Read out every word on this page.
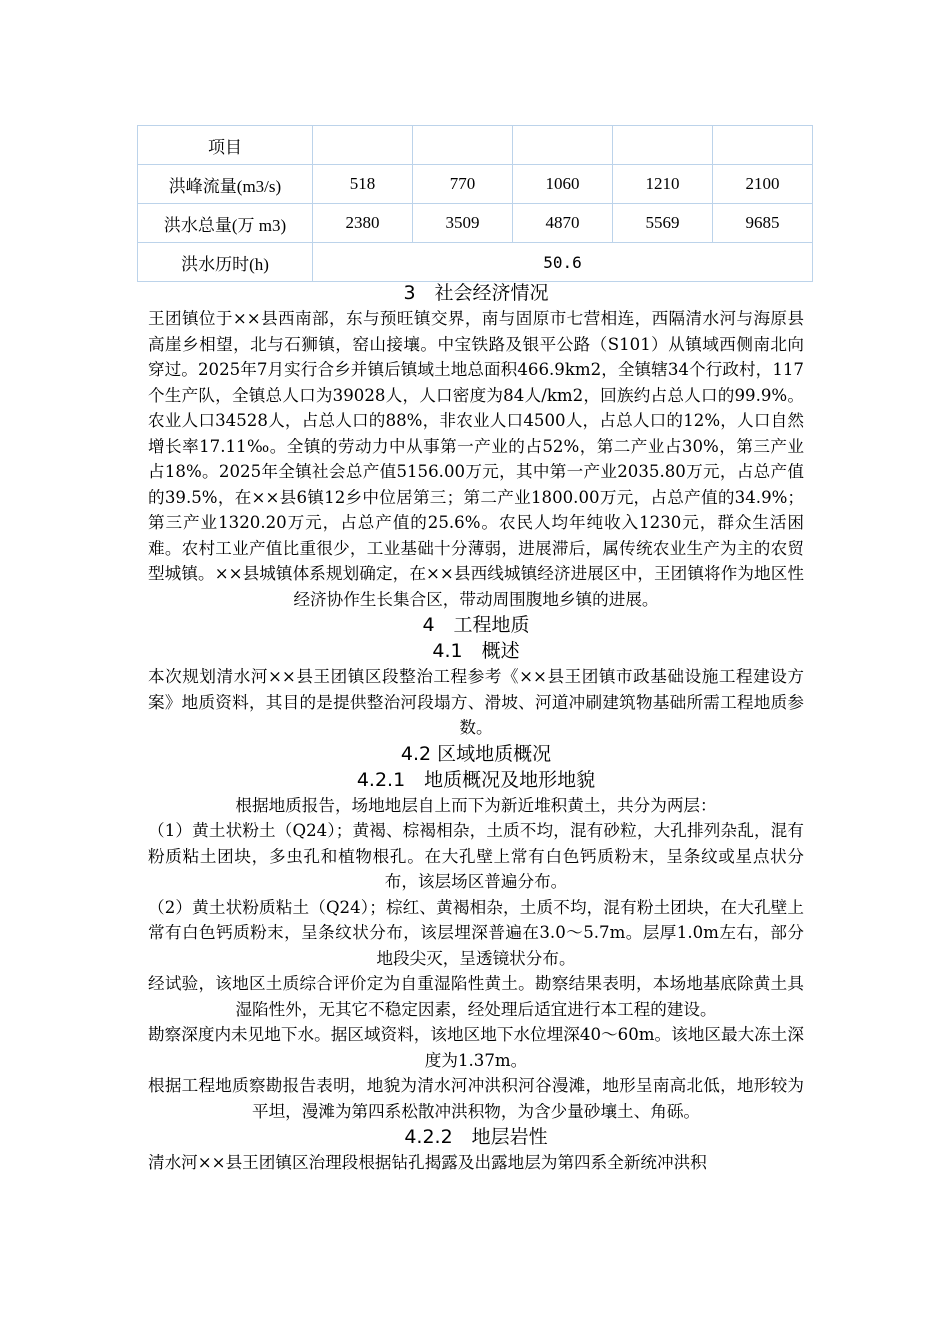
项目					
洪峰流量(m3/s)	518	770	1060	1210	2100
洪水总量(万 m3)	2380	3509	4870	5569	9685
洪水历时(h)	50.6				
3　社会经济情况

王团镇位于××县西南部，东与预旺镇交界，南与固原市七营相连，西隔清水河与海原县高崖乡相望，北与石狮镇，窑山接壤。中宝铁路及银平公路（S101）从镇域西侧南北向穿过。2025年7月实行合乡并镇后镇域土地总面积466.9km2，全镇辖34个行政村，117个生产队，全镇总人口为39028人，人口密度为84人/km2，回族约占总人口的99.9%。农业人口34528人，占总人口的88%，非农业人口4500人，占总人口的12%，人口自然增长率17.11‰。全镇的劳动力中从事第一产业的占52%，第二产业占30%，第三产业占18%。2025年全镇社会总产值5156.00万元，其中第一产业2035.80万元，占总产值的39.5%，在××县6镇12乡中位居第三；第二产业1800.00万元，占总产值的34.9%；第三产业1320.20万元，占总产值的25.6%。农民人均年纯收入1230元，群众生活困难。农村工业产值比重很少，工业基础十分薄弱，进展滞后，属传统农业生产为主的农贸型城镇。××县城镇体系规划确定，在××县西线城镇经济进展区中，王团镇将作为地区性经济协作生长集合区，带动周围腹地乡镇的进展。

4　工程地质
4.1　概述

本次规划清水河××县王团镇区段整治工程参考《××县王团镇市政基础设施工程建设方案》地质资料，其目的是提供整治河段塌方、滑坡、河道冲刷建筑物基础所需工程地质参数。

4.2 区域地质概况
4.2.1　地质概况及地形地貌

根据地质报告，场地地层自上而下为新近堆积黄土，共分为两层：

（1）黄土状粉土（Q24）；黄褐、棕褐相杂，土质不均，混有砂粒，大孔排列杂乱，混有粉质粘土团块，多虫孔和植物根孔。在大孔壁上常有白色钙质粉末，呈条纹或星点状分布，该层场区普遍分布。

（2）黄土状粉质粘土（Q24）；棕红、黄褐相杂，土质不均，混有粉土团块，在大孔壁上常有白色钙质粉末，呈条纹状分布，该层埋深普遍在3.0～5.7m。层厚1.0m左右，部分地段尖灭，呈透镜状分布。

经试验，该地区土质综合评价定为自重湿陷性黄土。勘察结果表明，本场地基底除黄土具湿陷性外，无其它不稳定因素，经处理后适宜进行本工程的建设。

勘察深度内未见地下水。据区域资料，该地区地下水位埋深40～60m。该地区最大冻土深度为1.37m。

根据工程地质察勘报告表明，地貌为清水河冲洪积河谷漫滩，地形呈南高北低，地形较为平坦，漫滩为第四系松散冲洪积物，为含少量砂壤土、角砾。

4.2.2　地层岩性

清水河××县王团镇区治理段根据钻孔揭露及出露地层为第四系全新统冲洪积
